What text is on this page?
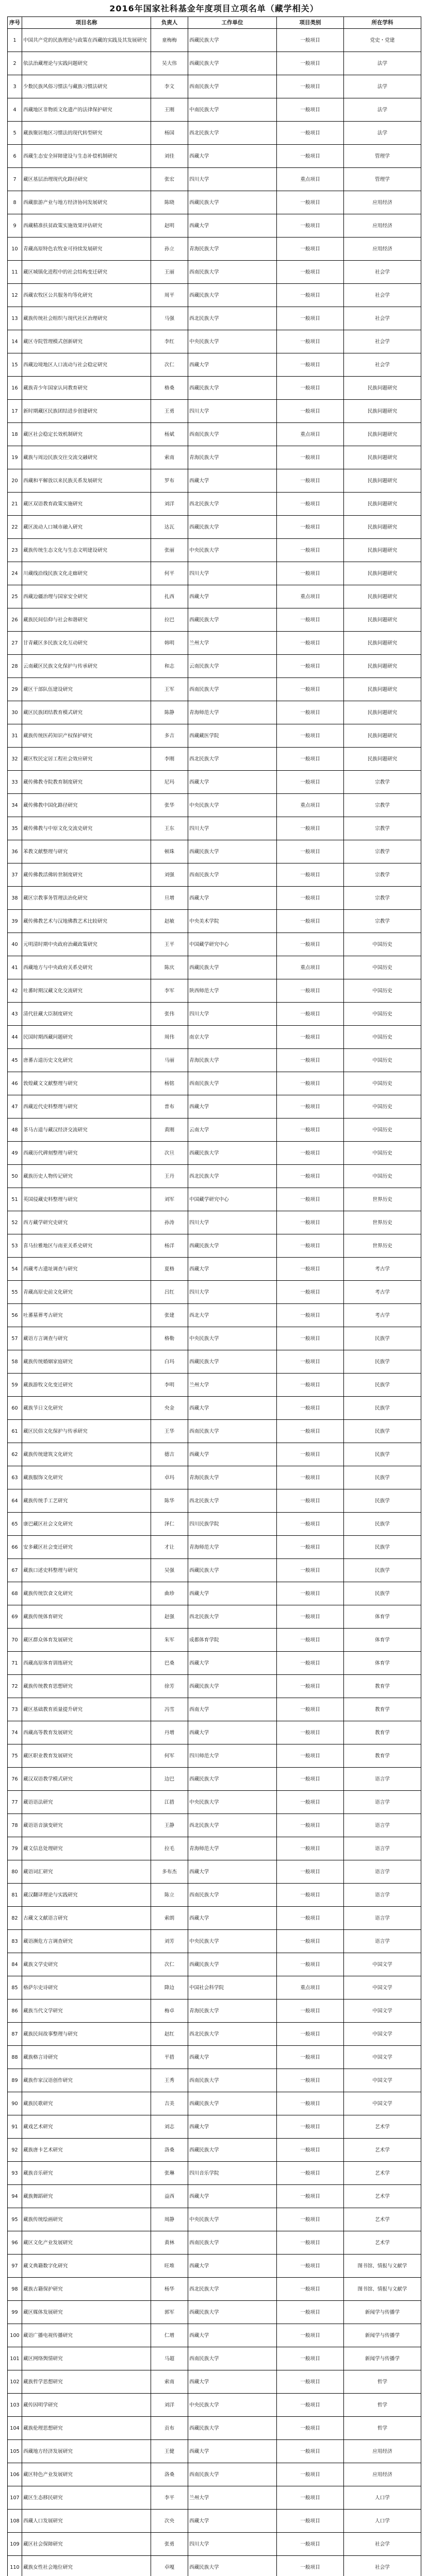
2016年国家社科基金年度项目立项名单（藏学相关）
序号	项目名称	负责人	工作单位	项目类别	所在学科
1	中国共产党的民族理论与政策在西藏的实践及其发展研究	童梅梅	西藏民族大学	一般项目	党史・党建
2	依法治藏理论与实践问题研究	吴大伟	西藏民族大学	一般项目	法学
3	少数民族风俗习惯法与藏族习惯法研究	李文	西南民族大学	一般项目	法学
4	西藏地区非物质文化遗产的法律保护研究	王刚	中南民族大学	一般项目	法学
5	藏族聚居地区习惯法的现代转型研究	杨国	西北民族大学	一般项目	法学
6	西藏生态安全屏障建设与生态补偿机制研究	刘佳	西藏大学	一般项目	管理学
7	藏区基层治理现代化路径研究	张宏	四川大学	重点项目	管理学
8	西藏旅游产业与地方经济协同发展研究	陈晓	西藏民族大学	一般项目	应用经济
9	西藏精准扶贫政策实施效果评估研究	赵明	西藏大学	一般项目	应用经济
10	青藏高原特色农牧业可持续发展研究	孙立	青海民族大学	一般项目	应用经济
11	藏区城镇化进程中的社会结构变迁研究	王丽	西南民族大学	一般项目	社会学
12	西藏农牧区公共服务均等化研究	周平	西藏民族大学	一般项目	社会学
13	藏族传统社会组织与现代社区治理研究	马强	西北民族大学	一般项目	社会学
14	藏区寺院管理模式创新研究	李红	中央民族大学	一般项目	社会学
15	西藏边境地区人口流动与社会稳定研究	次仁	西藏大学	一般项目	社会学
16	藏族青少年国家认同教育研究	格桑	西藏民族大学	一般项目	民族问题研究
17	新时期藏区民族团结进步创建研究	王勇	四川大学	一般项目	民族问题研究
18	藏区社会稳定长效机制研究	杨斌	西南民族大学	重点项目	民族问题研究
19	藏族与周边民族交往交流交融研究	索南	青海民族大学	一般项目	民族问题研究
20	西藏和平解放以来民族关系发展研究	罗布	西藏大学	一般项目	民族问题研究
21	藏区双语教育政策实施研究	刘洋	西北民族大学	一般项目	民族问题研究
22	藏区流动人口城市融入研究	达瓦	西藏民族大学	一般项目	民族问题研究
23	藏族传统生态文化与生态文明建设研究	张丽	中央民族大学	一般项目	民族问题研究
24	川藏线沿线民族文化走廊研究	何平	四川大学	一般项目	民族问题研究
25	西藏边疆治理与国家安全研究	扎西	西藏大学	重点项目	民族问题研究
26	藏族民间信仰与社会和谐研究	拉巴	西藏民族大学	一般项目	民族问题研究
27	甘青藏区多民族文化互动研究	韩明	兰州大学	一般项目	民族问题研究
28	云南藏区民族文化保护与传承研究	和志	云南民族大学	一般项目	民族问题研究
29	藏区干部队伍建设研究	王军	西南民族大学	一般项目	民族问题研究
30	藏区民族团结教育模式研究	陈静	青海师范大学	一般项目	民族问题研究
31	藏族传统医药知识产权保护研究	多吉	西藏藏医学院	一般项目	民族问题研究
32	藏区牧民定居工程社会效应研究	李刚	西北民族大学	一般项目	民族问题研究
33	藏传佛教寺院教育制度研究	尼玛	西藏大学	一般项目	宗教学
34	藏传佛教中国化路径研究	张华	中央民族大学	重点项目	宗教学
35	藏传佛教与中原文化交流史研究	王东	四川大学	一般项目	宗教学
36	苯教文献整理与研究	顿珠	西藏民族大学	一般项目	宗教学
37	藏传佛教活佛转世制度研究	刘强	西南民族大学	一般项目	宗教学
38	藏区宗教事务管理法治化研究	旦增	西藏大学	一般项目	宗教学
39	藏传佛教艺术与汉地佛教艺术比较研究	赵敏	中央美术学院	一般项目	宗教学
40	元明清时期中央政府治藏政策研究	王平	中国藏学研究中心	一般项目	中国历史
41	西藏地方与中央政府关系史研究	陈庆	西藏民族大学	重点项目	中国历史
42	吐蕃时期汉藏文化交流研究	李军	陕西师范大学	一般项目	中国历史
43	清代驻藏大臣制度研究	张伟	四川大学	一般项目	中国历史
44	民国时期西藏问题研究	周伟	南京大学	一般项目	中国历史
45	唐蕃古道历史文化研究	马丽	青海民族大学	一般项目	中国历史
46	敦煌藏文文献整理与研究	杨铭	西南民族大学	一般项目	中国历史
47	西藏近代史料整理与研究	普布	西藏大学	一般项目	中国历史
48	茶马古道与藏汉经济交流研究	黄刚	云南大学	一般项目	中国历史
49	西藏历代碑刻整理与研究	次旦	西藏民族大学	一般项目	中国历史
50	藏族历史人物传记研究	王丹	西北民族大学	一般项目	中国历史
51	英国侵藏史料整理与研究	刘军	中国藏学研究中心	一般项目	世界历史
52	西方藏学研究史研究	孙涛	四川大学	一般项目	世界历史
53	喜马拉雅地区与南亚关系史研究	杨洋	西藏民族大学	一般项目	世界历史
54	西藏考古遗址调查与研究	夏格	西藏大学	一般项目	考古学
55	青藏高原史前文化研究	吕红	四川大学	一般项目	考古学
56	吐蕃墓葬考古研究	张建	西北大学	一般项目	考古学
57	藏语方言调查与研究	格勒	中央民族大学	一般项目	民族学
58	藏族传统婚姻家庭研究	白玛	西藏民族大学	一般项目	民族学
59	藏族游牧文化变迁研究	李明	兰州大学	一般项目	民族学
60	藏族节日文化研究	央金	西藏大学	一般项目	民族学
61	藏区民俗文化保护与传承研究	王华	西南民族大学	一般项目	民族学
62	藏族传统建筑文化研究	德吉	西藏大学	一般项目	民族学
63	藏族服饰文化研究	卓玛	青海民族大学	一般项目	民族学
64	藏族传统手工艺研究	陈华	西北民族大学	一般项目	民族学
65	康巴藏区社会文化研究	泽仁	四川民族学院	一般项目	民族学
66	安多藏区社会变迁研究	才让	青海师范大学	一般项目	民族学
67	藏族口述史料整理与研究	吴强	西藏民族大学	一般项目	民族学
68	藏族传统饮食文化研究	曲珍	西藏大学	一般项目	民族学
69	藏族传统体育研究	赵强	西北民族大学	一般项目	体育学
70	藏区群众体育发展研究	朱军	成都体育学院	一般项目	体育学
71	西藏高原体育训练研究	巴桑	西藏大学	一般项目	体育学
72	藏族传统教育思想研究	徐芳	西藏民族大学	一般项目	教育学
73	藏区基础教育质量提升研究	冯雪	西南大学	一般项目	教育学
74	西藏高等教育发展研究	丹增	西藏大学	一般项目	教育学
75	藏区职业教育发展研究	何军	四川师范大学	一般项目	教育学
76	藏汉双语教学模式研究	边巴	西藏民族大学	一般项目	语言学
77	藏语语法研究	江措	中央民族大学	一般项目	语言学
78	藏语语音演变研究	王静	西北民族大学	一般项目	语言学
79	藏文信息处理研究	拉毛	青海师范大学	一般项目	语言学
80	藏语词汇研究	多布杰	西藏大学	一般项目	语言学
81	藏汉翻译理论与实践研究	陈立	西南民族大学	一般项目	语言学
82	古藏文文献语言研究	索朗	西藏大学	一般项目	语言学
83	藏语濒危方言调查研究	刘芳	中央民族大学	一般项目	语言学
84	藏族文学史研究	次仁	西藏民族大学	一般项目	中国文学
85	格萨尔史诗研究	降边	中国社会科学院	重点项目	中国文学
86	藏族当代文学研究	梅卓	青海民族大学	一般项目	中国文学
87	藏族民间故事整理与研究	赵红	西北民族大学	一般项目	中国文学
88	藏族格言诗研究	平措	西藏大学	一般项目	中国文学
89	藏族作家汉语创作研究	王秀	西南民族大学	一般项目	中国文学
90	藏族民歌研究	吉美	西藏民族大学	一般项目	中国文学
91	藏戏艺术研究	刘志	西藏大学	一般项目	艺术学
92	藏族唐卡艺术研究	洛桑	西藏民族大学	一般项目	艺术学
93	藏族音乐研究	张琳	四川音乐学院	一般项目	艺术学
94	藏族舞蹈研究	益西	西藏大学	一般项目	艺术学
95	藏族传统绘画研究	周静	中央民族大学	一般项目	艺术学
96	藏区文化产业发展研究	黄林	西南民族大学	一般项目	艺术学
97	藏文典籍数字化研究	旺堆	西藏大学	一般项目	图书馆、情报与文献学
98	藏族古籍保护研究	杨华	西北民族大学	一般项目	图书馆、情报与文献学
99	藏区媒体发展研究	郭军	西藏民族大学	一般项目	新闻学与传播学
100	藏语广播电视传播研究	仁增	西藏大学	一般项目	新闻学与传播学
101	藏区网络舆情研究	马超	西南民族大学	一般项目	新闻学与传播学
102	藏族哲学思想研究	索南	西藏大学	一般项目	哲学
103	藏传因明学研究	刘洋	中央民族大学	一般项目	哲学
104	藏族伦理思想研究	贡布	西藏民族大学	一般项目	哲学
105	西藏地方经济发展研究	王健	西藏大学	一般项目	应用经济
106	藏区特色产业发展研究	洛桑	西南民族大学	一般项目	应用经济
107	藏区生态移民研究	李平	兰州大学	一般项目	人口学
108	西藏人口发展研究	次央	西藏大学	一般项目	人口学
109	藏区社会保障研究	张勇	四川大学	一般项目	社会学
110	藏族女性社会地位研究	卓嘎	西藏民族大学	一般项目	社会学
